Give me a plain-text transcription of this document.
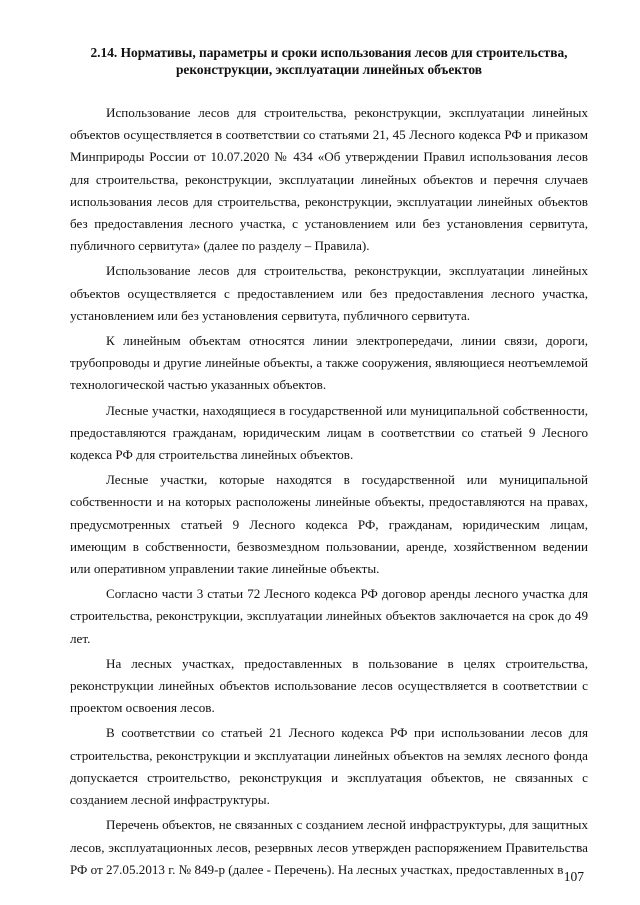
2.14. Нормативы, параметры и сроки использования лесов для строительства,
реконструкции, эксплуатации линейных объектов

Использование лесов для строительства, реконструкции, эксплуатации линейных объектов осуществляется в соответствии со статьями 21, 45 Лесного кодекса РФ и приказом Минприроды России от 10.07.2020 № 434 «Об утверждении Правил использования лесов для строительства, реконструкции, эксплуатации линейных объектов и перечня случаев использования лесов для строительства, реконструкции, эксплуатации линейных объектов без предоставления лесного участка, с установлением или без установления сервитута, публичного сервитута» (далее по разделу – Правила).

Использование лесов для строительства, реконструкции, эксплуатации линейных объектов осуществляется с предоставлением или без предоставления лесного участка, установлением или без установления сервитута, публичного сервитута.

К линейным объектам относятся линии электропередачи, линии связи, дороги, трубопроводы и другие линейные объекты, а также сооружения, являющиеся неотъемлемой технологической частью указанных объектов.

Лесные участки, находящиеся в государственной или муниципальной собственности, предоставляются гражданам, юридическим лицам в соответствии со статьей 9 Лесного кодекса РФ для строительства линейных объектов.

Лесные участки, которые находятся в государственной или муниципальной собственности и на которых расположены линейные объекты, предоставляются на правах, предусмотренных статьей 9 Лесного кодекса РФ, гражданам, юридическим лицам, имеющим в собственности, безвозмездном пользовании, аренде, хозяйственном ведении или оперативном управлении такие линейные объекты.

Согласно части 3 статьи 72 Лесного кодекса РФ договор аренды лесного участка для строительства, реконструкции, эксплуатации линейных объектов заключается на срок до 49 лет.

На лесных участках, предоставленных в пользование в целях строительства, реконструкции линейных объектов использование лесов осуществляется в соответствии с проектом освоения лесов.

В соответствии со статьей 21 Лесного кодекса РФ при использовании лесов для строительства, реконструкции и эксплуатации линейных объектов на землях лесного фонда допускается строительство, реконструкция и эксплуатация объектов, не связанных с созданием лесной инфраструктуры.

Перечень объектов, не связанных с созданием лесной инфраструктуры, для защитных лесов, эксплуатационных лесов, резервных лесов утвержден распоряжением Правительства РФ от 27.05.2013 г. № 849-р (далее - Перечень). На лесных участках, предоставленных в 107
